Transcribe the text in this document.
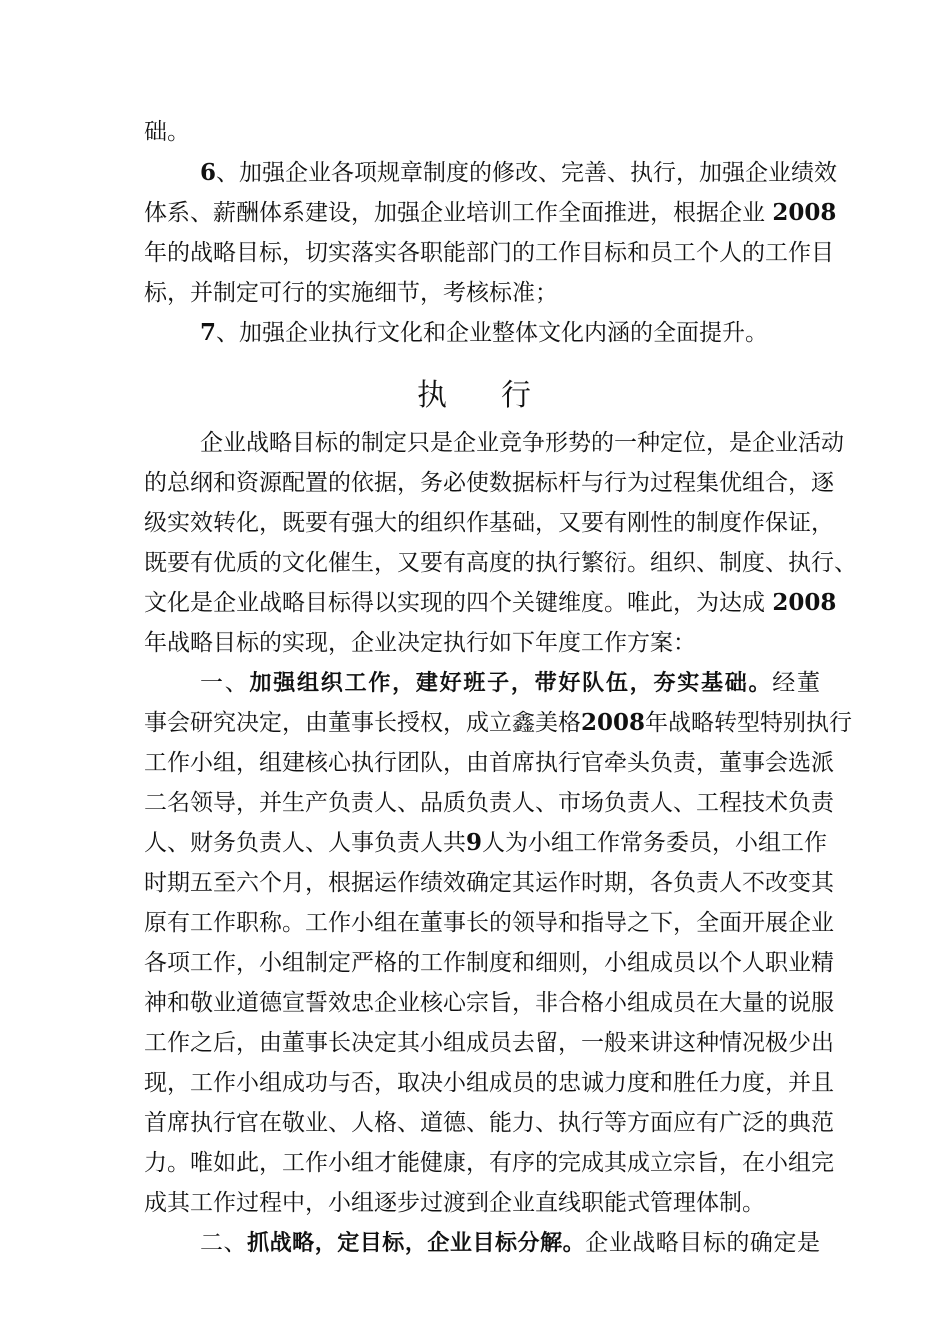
础。
6、加强企业各项规章制度的修改、完善、执行，加强企业绩效
体系、薪酬体系建设，加强企业培训工作全面推进，根据企业 2008
年的战略目标，切实落实各职能部门的工作目标和员工个人的工作目
标，并制定可行的实施细节，考核标准；
7、加强企业执行文化和企业整体文化内涵的全面提升。
执 行
企业战略目标的制定只是企业竞争形势的一种定位，是企业活动
的总纲和资源配置的依据，务必使数据标杆与行为过程集优组合，逐
级实效转化，既要有强大的组织作基础，又要有刚性的制度作保证，
既要有优质的文化催生，又要有高度的执行繁衍。组织、制度、执行、
文化是企业战略目标得以实现的四个关键维度。唯此，为达成 2008
年战略目标的实现，企业决定执行如下年度工作方案：
一、加强组织工作，建好班子，带好队伍，夯实基础。经董
事会研究决定，由董事长授权，成立鑫美格2008年战略转型特别执行
工作小组，组建核心执行团队，由首席执行官牵头负责，董事会选派
二名领导，并生产负责人、品质负责人、市场负责人、工程技术负责
人、财务负责人、人事负责人共9人为小组工作常务委员，小组工作
时期五至六个月，根据运作绩效确定其运作时期，各负责人不改变其
原有工作职称。工作小组在董事长的领导和指导之下，全面开展企业
各项工作，小组制定严格的工作制度和细则，小组成员以个人职业精
神和敬业道德宣誓效忠企业核心宗旨，非合格小组成员在大量的说服
工作之后，由董事长决定其小组成员去留，一般来讲这种情况极少出
现，工作小组成功与否，取决小组成员的忠诚力度和胜任力度，并且
首席执行官在敬业、人格、道德、能力、执行等方面应有广泛的典范
力。唯如此，工作小组才能健康，有序的完成其成立宗旨，在小组完
成其工作过程中，小组逐步过渡到企业直线职能式管理体制。
二、抓战略，定目标，企业目标分解。企业战略目标的确定是
